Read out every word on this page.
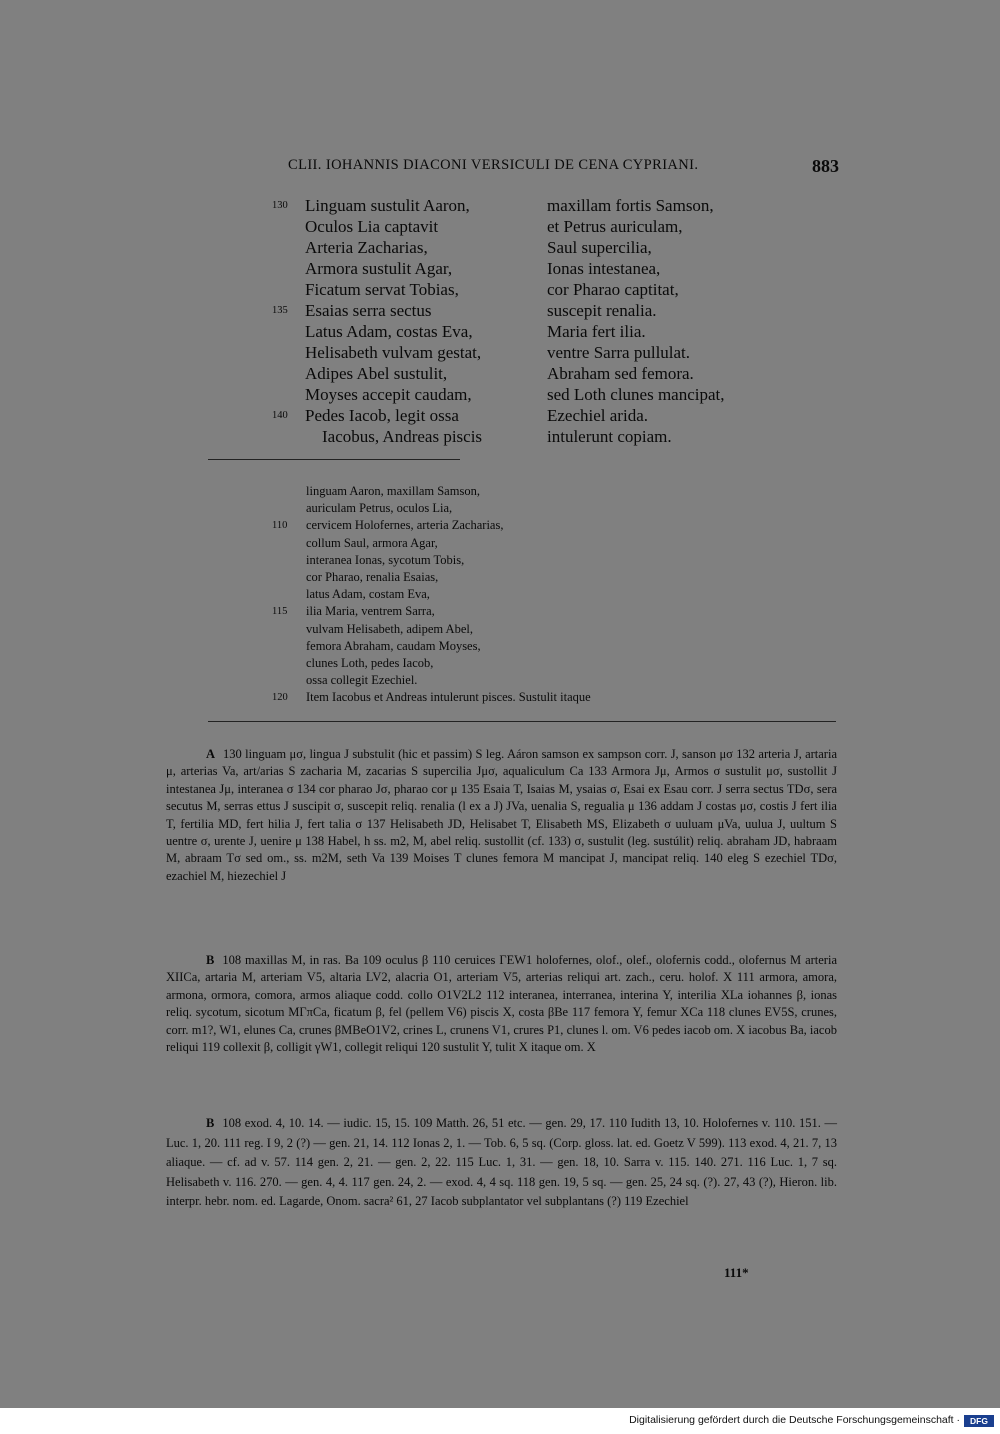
CLII. IOHANNIS DIACONI VERSICULI DE CENA CYPRIANI.	883
130 Linguam sustulit Aaron,	maxillam fortis Samson,
Oculos Lia captavit	et Petrus auriculam,
Arteria Zacharias,	Saul supercilia,
Armora sustulit Agar,	Ionas intestanea,
Ficatum servat Tobias,	cor Pharao captitat,
135 Esaias serra sectus	suscepit renalia.
Latus Adam, costas Eva,	Maria fert ilia.
Helisabeth vulvam gestat,	ventre Sarra pullulat.
Adipes Abel sustulit,	Abraham sed femora.
Moyses accepit caudam,	sed Loth clunes mancipat,
140 Pedes Iacob, legit ossa	Ezechiel arida.
Iacobus, Andreas piscis	intulerunt copiam.
linguam Aaron, maxillam Samson,
auriculam Petrus, oculos Lia,
110 cervicem Holofernes, arteria Zacharias,
collum Saul, armora Agar,
interanea Ionas, sycotum Tobis,
cor Pharao, renalia Esaias,
latus Adam, costam Eva,
115 ilia Maria, ventrem Sarra,
vulvam Helisabeth, adipem Abel,
femora Abraham, caudam Moyses,
clunes Loth, pedes Iacob,
ossa collegit Ezechiel.
120 Item Iacobus et Andreas intulerunt pisces. Sustulit itaque
A 130 linguam μσ, lingua J substulit (hic et passim) S leg. Aáron samson ex sampson corr. J, sanson μσ 132 arteria J, artaria μ, arterias Va, art/arias S zacharia M, zacarias S supercilia Jμσ, aqualiculum Ca 133 Armora Jμ, Armos σ sustulit μσ, sustollit J intestanea Jμ, interanea σ 134 cor pharao Jσ, pharao cor μ 135 Esaia T, Isaias M, ysaias σ, Esai ex Esau corr. J serra sectus TDσ, sera secutus M, serras ettus J suscipit σ, suscepit reliq. renalia (l ex a J) JVa, uenalia S, regualia μ 136 addam J costas μσ, costis J fert ilia T, fertilia MD, fert hilia J, fert talia σ 137 Helisabeth JD, Helisabet T, Elisabeth MS, Elizabeth σ uuluam μVa, uulua J, uultum S uentre σ, urente J, uenire μ 138 Habel, h ss. m2, M, abel reliq. sustollit (cf. 133) σ, sustulit (leg. sustúlit) reliq. abraham JD, habraam M, abraam Tσ sed om., ss. m2M, seth Va 139 Moises T clunes femora M mancipat J, mancipat reliq. 140 eleg S ezechiel TDσ, ezachiel M, hiezechiel J
B 108 maxillas M, in ras. Ba 109 oculus β 110 ceruices ΓEW1 holofernes, olof., olef., olofernis codd., olofernus M arteria XIICa, artaria M, arteriam V5, altaria LV2, alacria O1, arteriam V5, arterias reliqui art. zach., ceru. holof. X 111 armora, amora, armona, ormora, comora, armos aliaque codd. collo O1V2L2 112 interanea, interranea, interina Y, interilia XLa iohannes β, ionas reliq. sycotum, sicotum MΓπCa, ficatum β, fel (pellem V6) piscis X, costa βBe 117 femora Y, femur XCa 118 clunes EV5S, crunes, corr. m1?, W1, elunes Ca, crunes βMBeO1V2, crines L, crunens V1, crures P1, clunes l. om. V6 pedes iacob om. X iacobus Ba, iacob reliqui 119 collexit β, colligit γW1, collegit reliqui 120 sustulit Y, tulit X itaque om. X
B 108 exod. 4, 10. 14. — iudic. 15, 15. 109 Matth. 26, 51 etc. — gen. 29, 17. 110 Iudith 13, 10. Holofernes v. 110. 151. — Luc. 1, 20. 111 reg. I 9, 2 (?) — gen. 21, 14. 112 Ionas 2, 1. — Tob. 6, 5 sq. (Corp. gloss. lat. ed. Goetz V 599). 113 exod. 4, 21. 7, 13 aliaque. — cf. ad v. 57. 114 gen. 2, 21. — gen. 2, 22. 115 Luc. 1, 31. — gen. 18, 10. Sarra v. 115. 140. 271. 116 Luc. 1, 7 sq. Helisabeth v. 116. 270. — gen. 4, 4. 117 gen. 24, 2. — exod. 4, 4 sq. 118 gen. 19, 5 sq. — gen. 25, 24 sq. (?). 27, 43 (?), Hieron. lib. interpr. hebr. nom. ed. Lagarde, Onom. sacra² 61, 27 Iacob subplantator vel subplantans (?) 119 Ezechiel
111*
Digitalisierung gefördert durch die Deutsche Forschungsgemeinschaft ·	DFG
